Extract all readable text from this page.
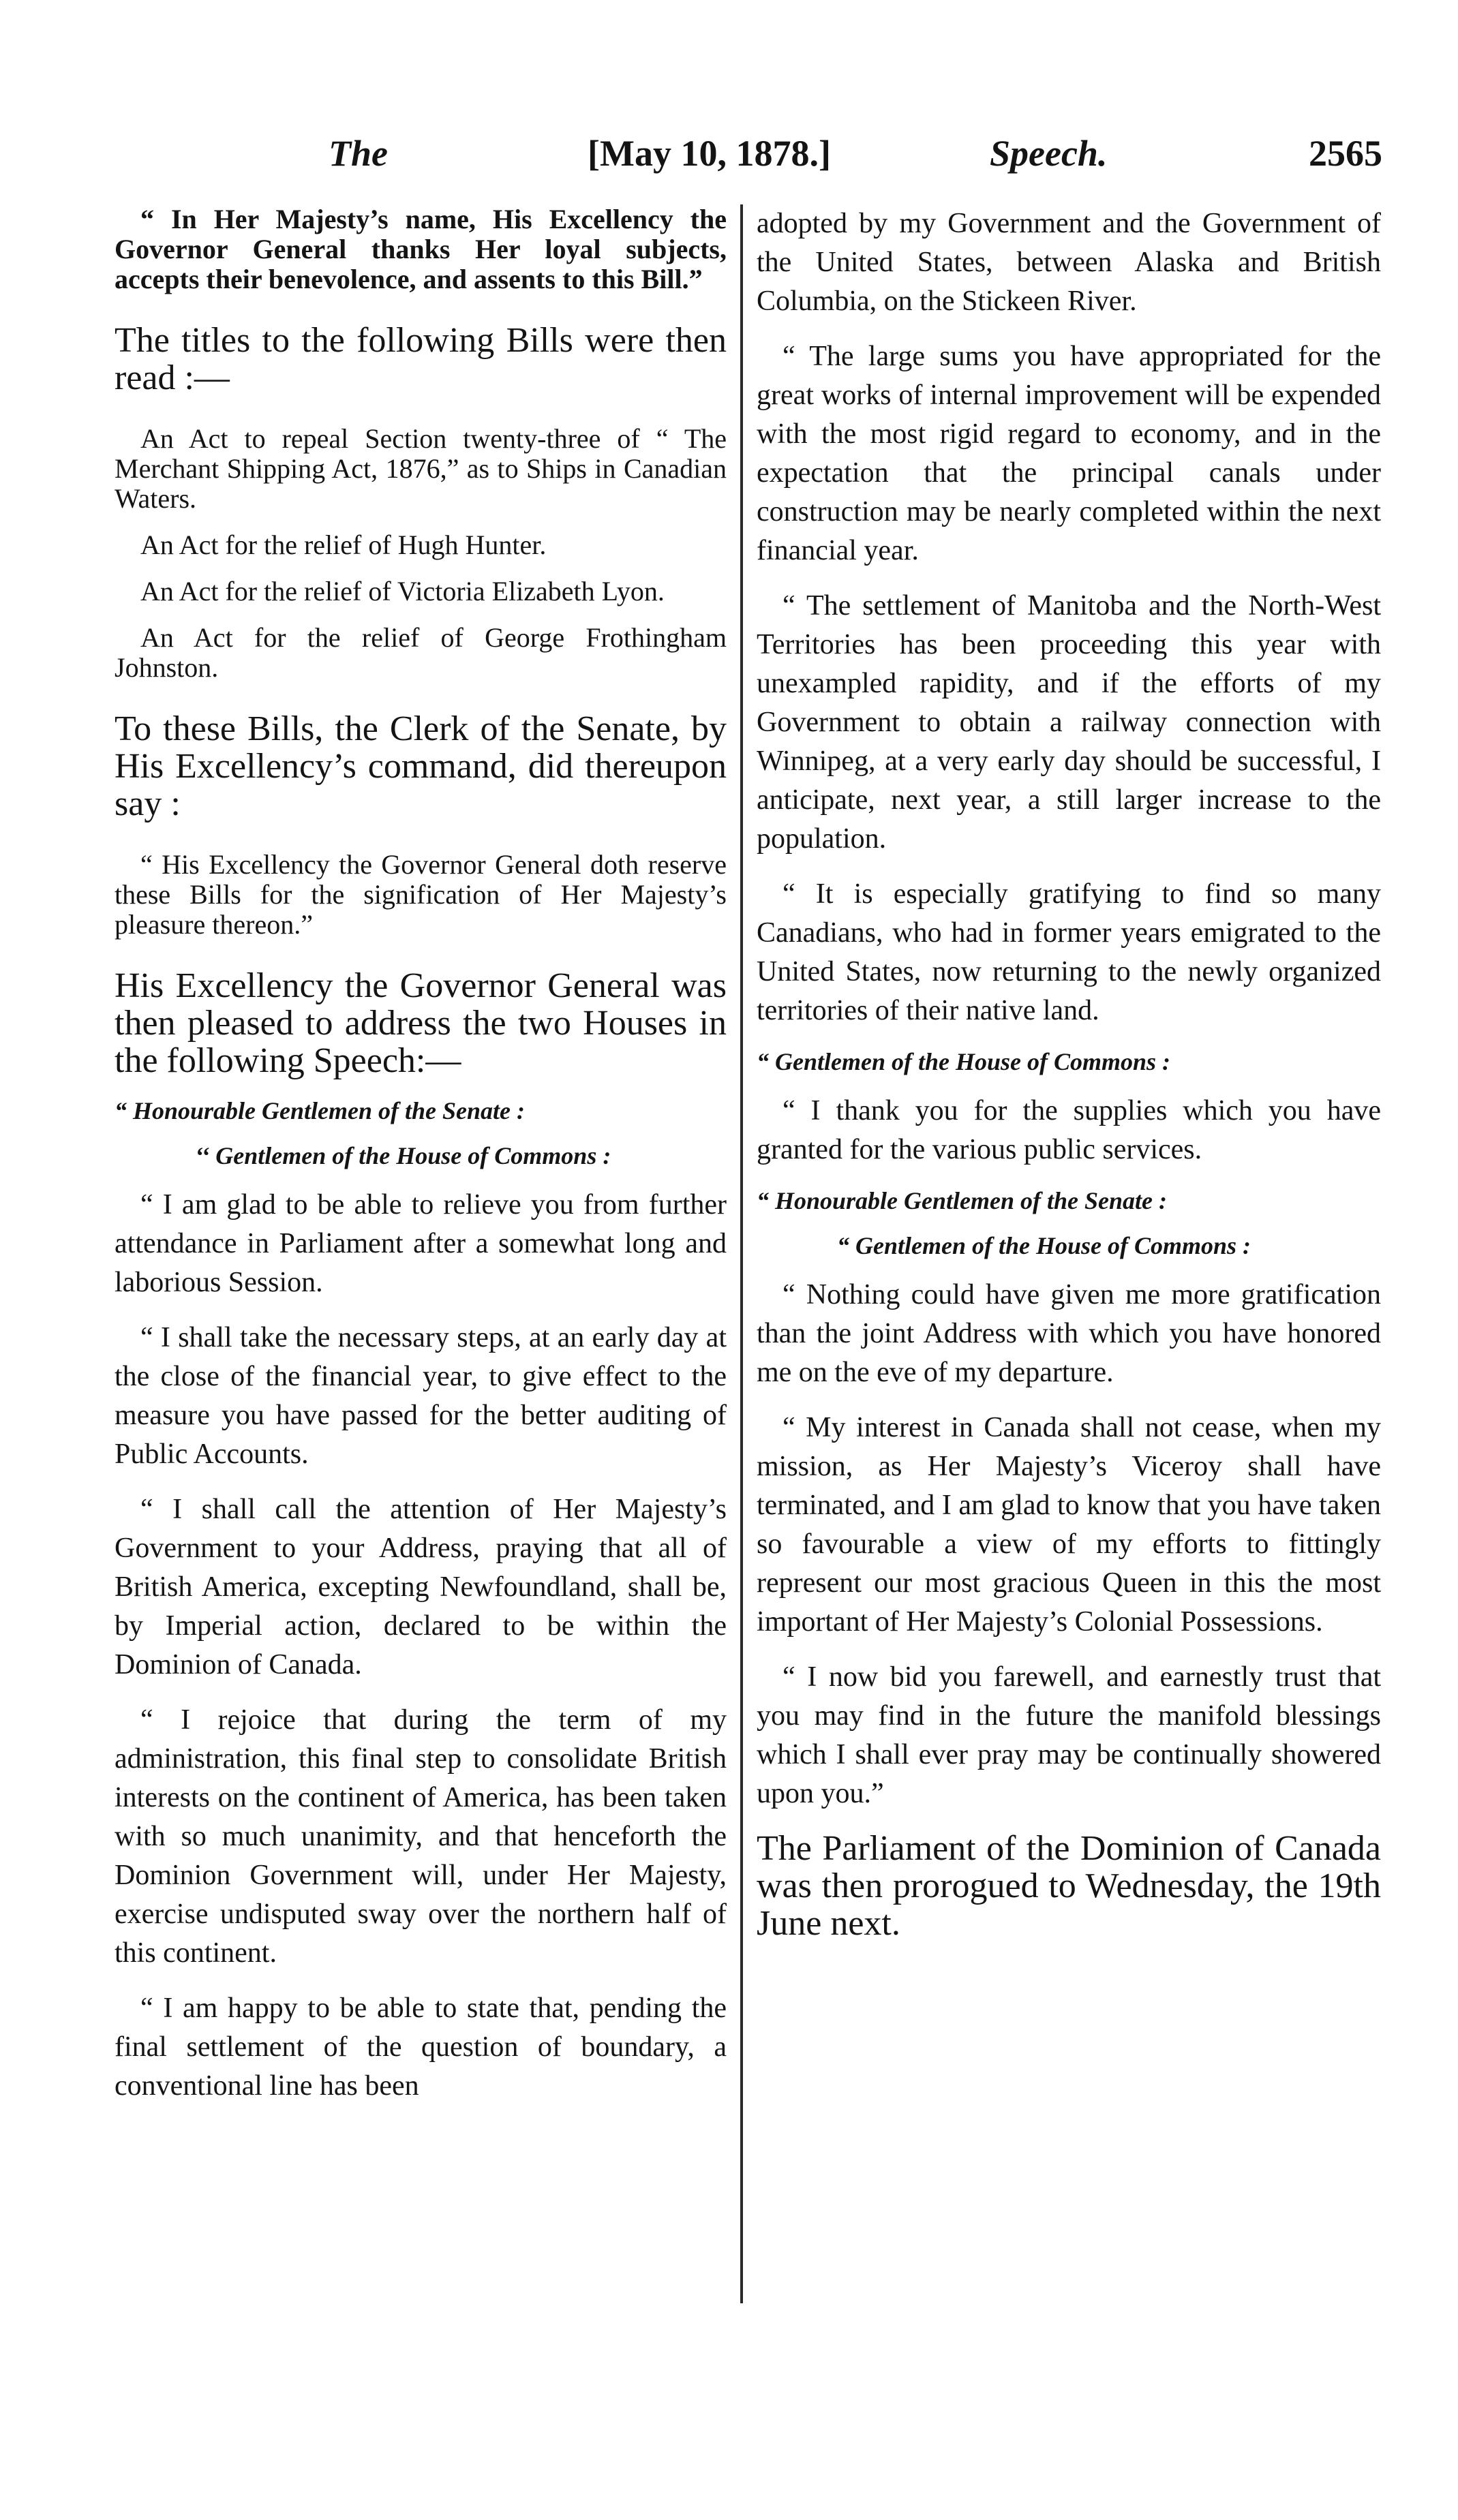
The	[May 10, 1878.]	Speech.	2565

“ In Her Majesty’s name, His Excellency the Governor General thanks Her loyal subjects, accepts their benevolence, and assents to this Bill.”

The titles to the following Bills were then read :—

An Act to repeal Section twenty-three of “ The Merchant Shipping Act, 1876,” as to Ships in Canadian Waters.

An Act for the relief of Hugh Hunter.

An Act for the relief of Victoria Elizabeth Lyon.

An Act for the relief of George Frothingham Johnston.

To these Bills, the Clerk of the Senate, by His Excellency’s command, did thereupon say :

“ His Excellency the Governor General doth reserve these Bills for the signification of Her Majesty’s pleasure thereon.”

His Excellency the Governor General was then pleased to address the two Houses in the following Speech:—

“ Honourable Gentlemen of the Senate :

‘‘ Gentlemen of the House of Commons :

“ I am glad to be able to relieve you from further attendance in Parliament after a somewhat long and laborious Session.

“ I shall take the necessary steps, at an early day at the close of the financial year, to give effect to the measure you have passed for the better auditing of Public Accounts.

“ I shall call the attention of Her Majesty’s Government to your Address, praying that all of British America, excepting Newfoundland, shall be, by Imperial action, declared to be within the Dominion of Canada.

“ I rejoice that during the term of my administration, this final step to consolidate British interests on the continent of America, has been taken with so much unanimity, and that henceforth the Dominion Government will, under Her Majesty, exercise undisputed sway over the northern half of this continent.

“ I am happy to be able to state that, pending the final settlement of the question of boundary, a conventional line has been

adopted by my Government and the Government of the United States, between Alaska and British Columbia, on the Stickeen River.

“ The large sums you have appropriated for the great works of internal improvement will be expended with the most rigid regard to economy, and in the expectation that the principal canals under construction may be nearly completed within the next financial year.

“ The settlement of Manitoba and the North-West Territories has been proceeding this year with unexampled rapidity, and if the efforts of my Government to obtain a railway connection with Winnipeg, at a very early day should be successful, I anticipate, next year, a still larger increase to the population.

“ It is especially gratifying to find so many Canadians, who had in former years emigrated to the United States, now returning to the newly organized territories of their native land.

“ Gentlemen of the House of Commons :

“ I thank you for the supplies which you have granted for the various public services.

“ Honourable Gentlemen of the Senate :

“ Gentlemen of the House of Commons :

“ Nothing could have given me more gratification than the joint Address with which you have honored me on the eve of my departure.

“ My interest in Canada shall not cease, when my mission, as Her Majesty’s Viceroy shall have terminated, and I am glad to know that you have taken so favourable a view of my efforts to fittingly represent our most gracious Queen in this the most important of Her Majesty’s Colonial Possessions.

“ I now bid you farewell, and earnestly trust that you may find in the future the manifold blessings which I shall ever pray may be continually showered upon you.”

The Parliament of the Dominion of Canada was then prorogued to Wednesday, the 19th June next.
